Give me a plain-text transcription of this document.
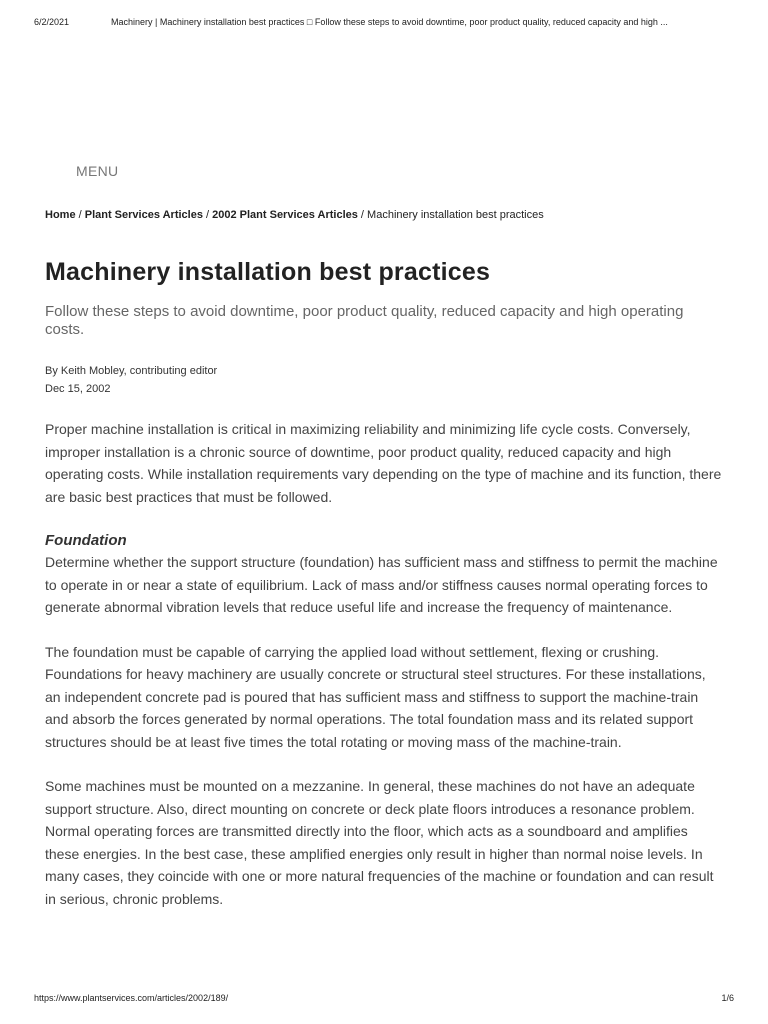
6/2/2021	Machinery | Machinery installation best practices □ Follow these steps to avoid downtime, poor product quality, reduced capacity and high ...
MENU
Home / Plant Services Articles / 2002 Plant Services Articles / Machinery installation best practices
Machinery installation best practices
Follow these steps to avoid downtime, poor product quality, reduced capacity and high operating costs.
By Keith Mobley, contributing editor
Dec 15, 2002

Proper machine installation is critical in maximizing reliability and minimizing life cycle costs. Conversely, improper installation is a chronic source of downtime, poor product quality, reduced capacity and high operating costs. While installation requirements vary depending on the type of machine and its function, there are basic best practices that must be followed.

Foundation

Determine whether the support structure (foundation) has sufficient mass and stiffness to permit the machine to operate in or near a state of equilibrium. Lack of mass and/or stiffness causes normal operating forces to generate abnormal vibration levels that reduce useful life and increase the frequency of maintenance.

The foundation must be capable of carrying the applied load without settlement, flexing or crushing. Foundations for heavy machinery are usually concrete or structural steel structures. For these installations, an independent concrete pad is poured that has sufficient mass and stiffness to support the machine-train and absorb the forces generated by normal operations. The total foundation mass and its related support structures should be at least five times the total rotating or moving mass of the machine-train.

Some machines must be mounted on a mezzanine. In general, these machines do not have an adequate support structure. Also, direct mounting on concrete or deck plate floors introduces a resonance problem. Normal operating forces are transmitted directly into the floor, which acts as a soundboard and amplifies these energies. In the best case, these amplified energies only result in higher than normal noise levels. In many cases, they coincide with one or more natural frequencies of the machine or foundation and can result in serious, chronic problems.

https://www.plantservices.com/articles/2002/189/	1/6
